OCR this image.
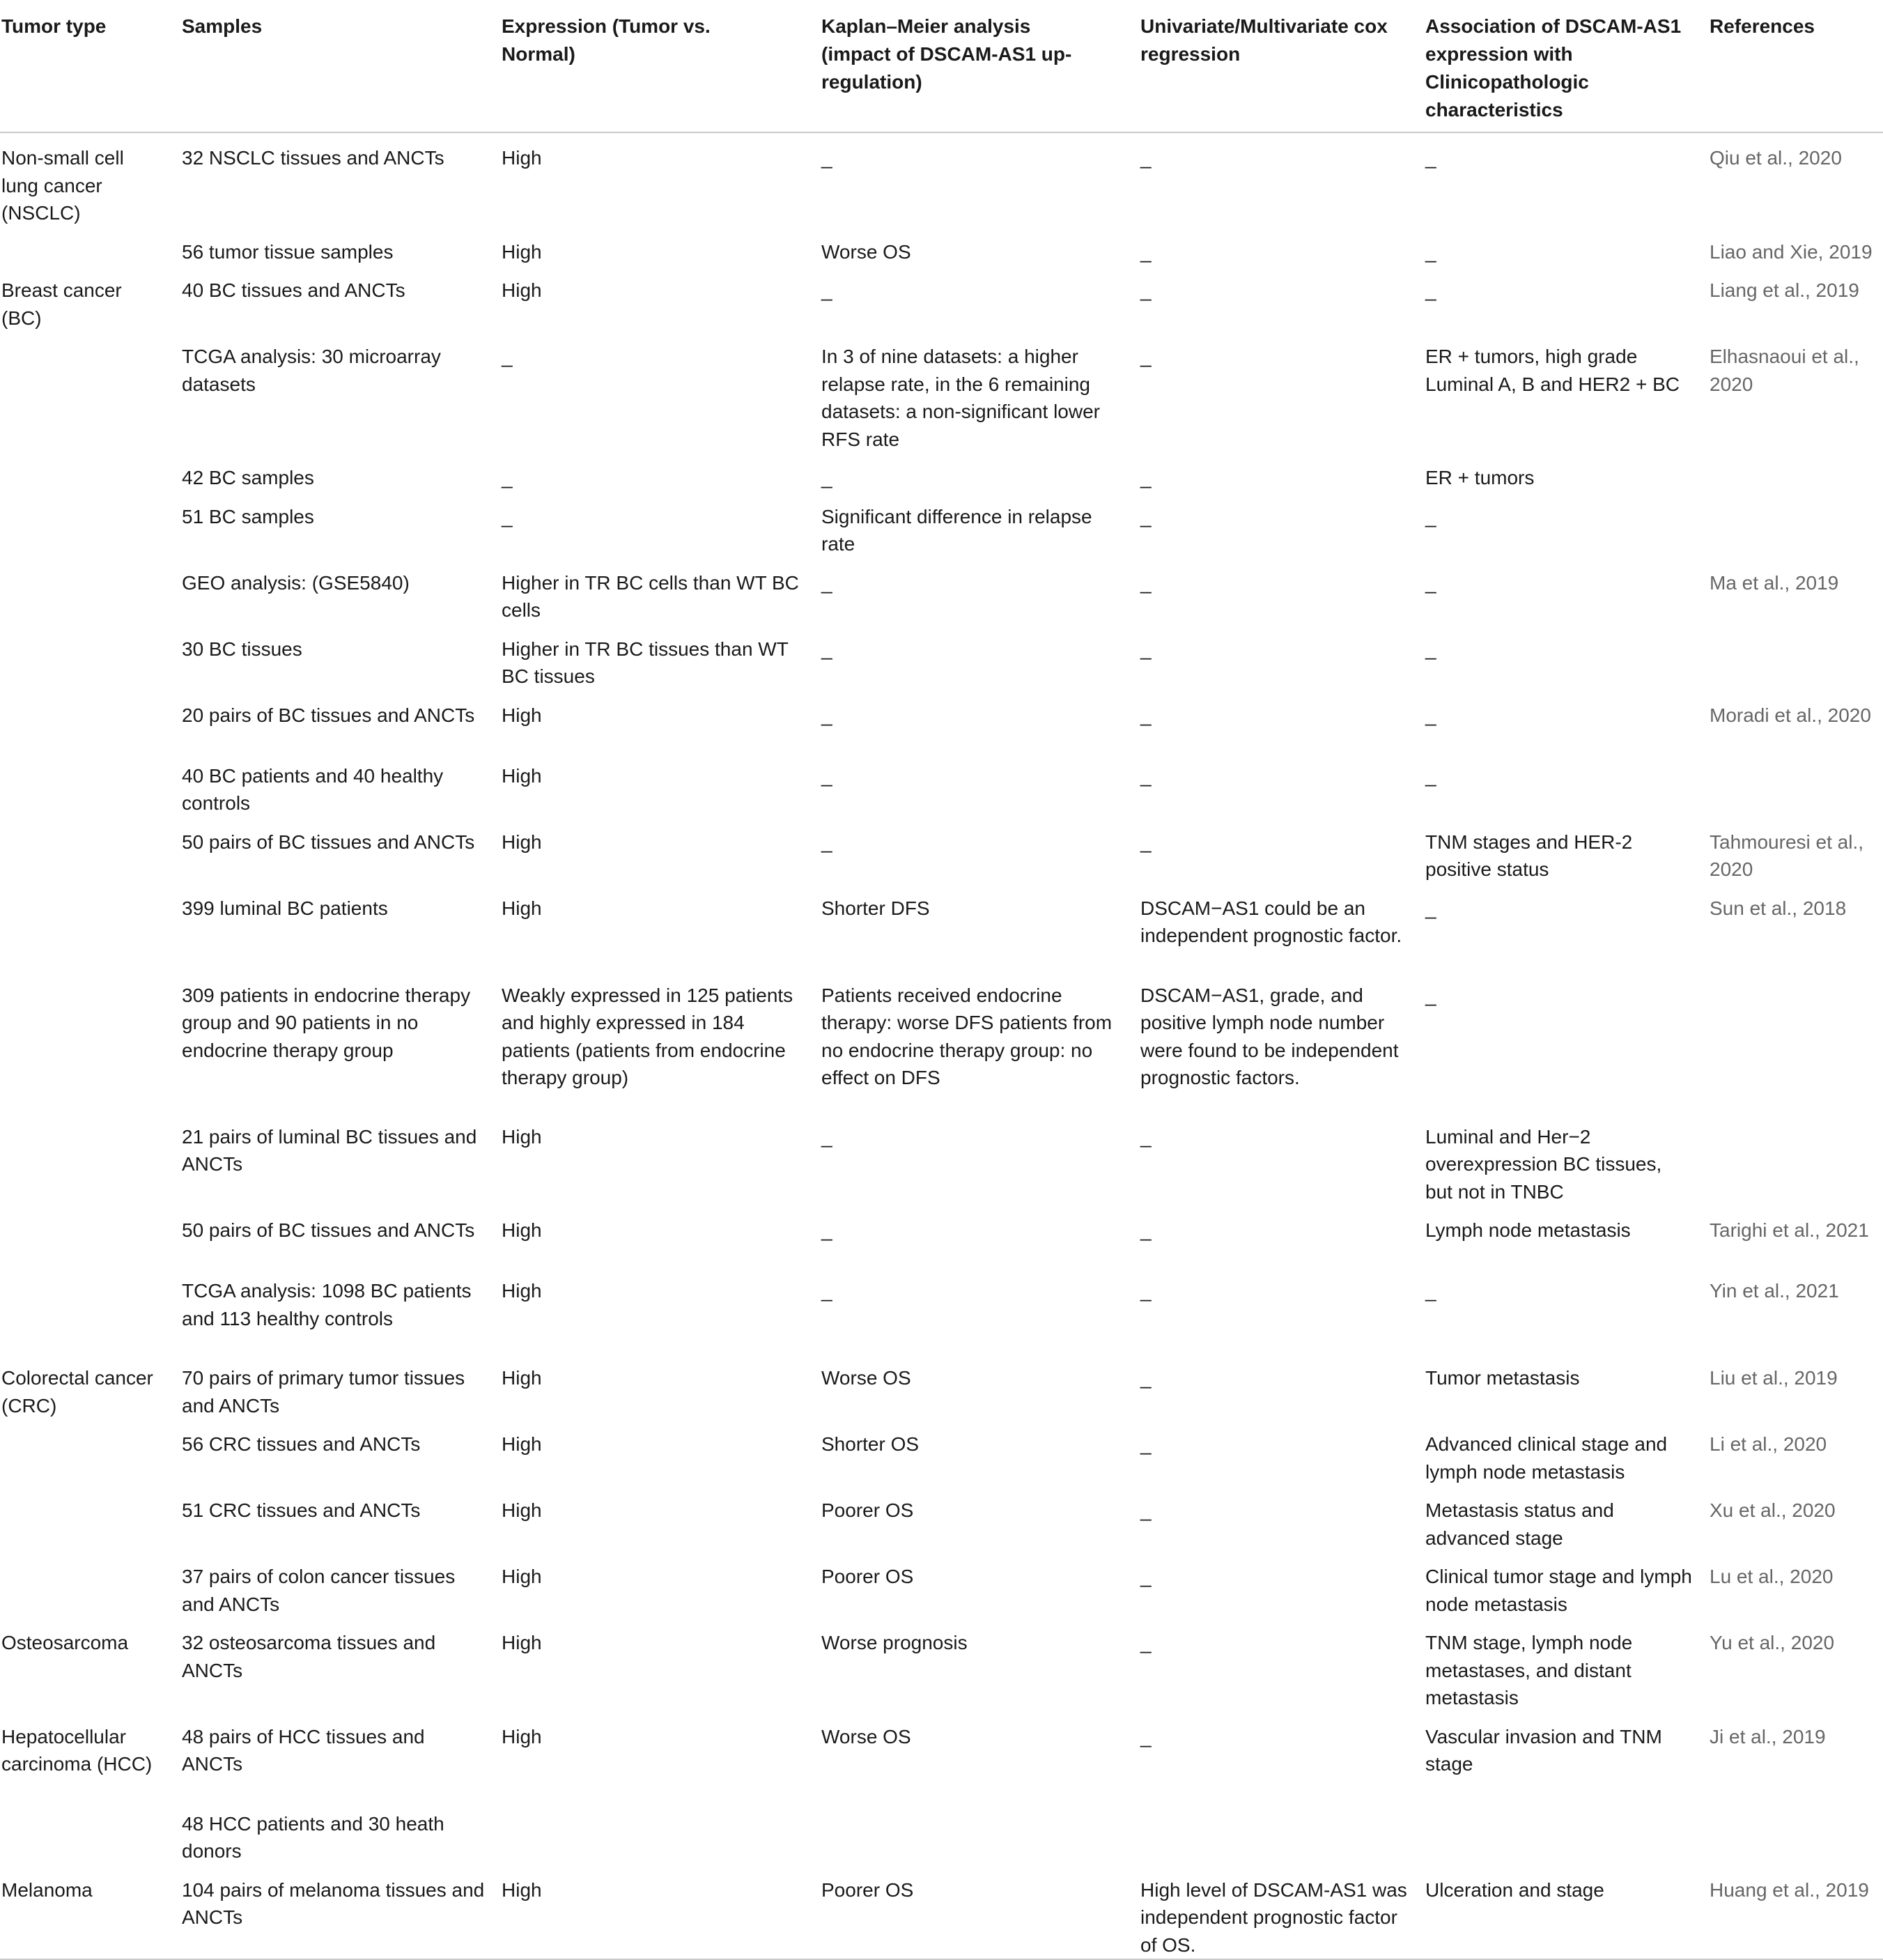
Tumor type	Samples	Expression (Tumor vs. Normal)	Kaplan–Meier analysis (impact of DSCAM-AS1 up-regulation)	Univariate/Multivariate cox regression	Association of DSCAM-AS1 expression with Clinicopathologic characteristics	References
Non-small cell lung cancer (NSCLC)	32 NSCLC tissues and ANCTs	High	_	_	_	Qiu et al., 2020
	56 tumor tissue samples	High	Worse OS	_	_	Liao and Xie, 2019
Breast cancer (BC)	40 BC tissues and ANCTs	High	_	_	_	Liang et al., 2019
	TCGA analysis: 30 microarray datasets	_	In 3 of nine datasets: a higher relapse rate, in the 6 remaining datasets: a non-significant lower RFS rate	_	ER + tumors, high grade Luminal A, B and HER2 + BC	Elhasnaoui et al., 2020
	42 BC samples	_	_	_	ER + tumors	
	51 BC samples	_	Significant difference in relapse rate	_	_	
	GEO analysis: (GSE5840)	Higher in TR BC cells than WT BC cells	_	_	_	Ma et al., 2019
	30 BC tissues	Higher in TR BC tissues than WT BC tissues	_	_	_	
	20 pairs of BC tissues and ANCTs	High	_	_	_	Moradi et al., 2020
	40 BC patients and 40 healthy controls	High	_	_	_	
	50 pairs of BC tissues and ANCTs	High	_	_	TNM stages and HER-2 positive status	Tahmouresi et al., 2020
	399 luminal BC patients	High	Shorter DFS	DSCAM−AS1 could be an independent prognostic factor.	_	Sun et al., 2018
	309 patients in endocrine therapy group and 90 patients in no endocrine therapy group	Weakly expressed in 125 patients and highly expressed in 184 patients (patients from endocrine therapy group)	Patients received endocrine therapy: worse DFS patients from no endocrine therapy group: no effect on DFS	DSCAM−AS1, grade, and positive lymph node number were found to be independent prognostic factors.	_	
	21 pairs of luminal BC tissues and ANCTs	High	_	_	Luminal and Her−2 overexpression BC tissues, but not in TNBC	
	50 pairs of BC tissues and ANCTs	High	_	_	Lymph node metastasis	Tarighi et al., 2021
	TCGA analysis: 1098 BC patients and 113 healthy controls	High	_	_	_	Yin et al., 2021
Colorectal cancer (CRC)	70 pairs of primary tumor tissues and ANCTs	High	Worse OS	_	Tumor metastasis	Liu et al., 2019
	56 CRC tissues and ANCTs	High	Shorter OS	_	Advanced clinical stage and lymph node metastasis	Li et al., 2020
	51 CRC tissues and ANCTs	High	Poorer OS	_	Metastasis status and advanced stage	Xu et al., 2020
	37 pairs of colon cancer tissues and ANCTs	High	Poorer OS	_	Clinical tumor stage and lymph node metastasis	Lu et al., 2020
Osteosarcoma	32 osteosarcoma tissues and ANCTs	High	Worse prognosis	_	TNM stage, lymph node metastases, and distant metastasis	Yu et al., 2020
Hepatocellular carcinoma (HCC)	48 pairs of HCC tissues and ANCTs	High	Worse OS	_	Vascular invasion and TNM stage	Ji et al., 2019
	48 HCC patients and 30 heath donors					
Melanoma	104 pairs of melanoma tissues and ANCTs	High	Poorer OS	High level of DSCAM-AS1 was independent prognostic factor of OS.	Ulceration and stage	Huang et al., 2019
